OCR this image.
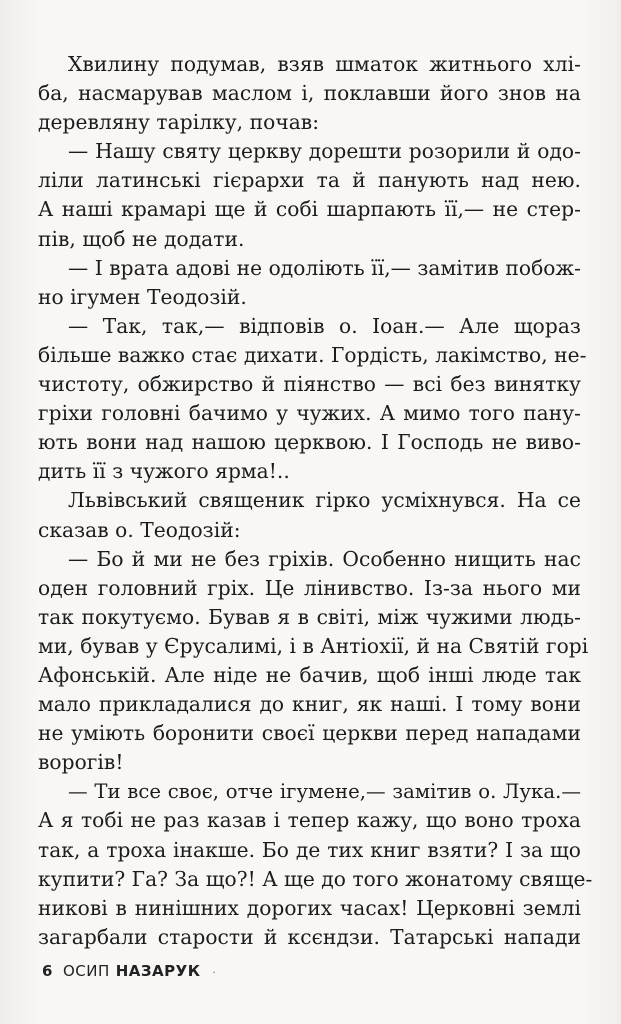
Хвилину подумав, взяв шматок житнього хлі-
ба, насмарував маслом і, поклавши його знов на
деревляну тарілку, почав:
— Нашу святу церкву дорешти розорили й одо-
ліли латинські гієрархи та й панують над нею.
А наші крамарі ще й собі шарпають її,— не стер-
пів, щоб не додати.
— І врата адові не одоліють її,— замітив побож-
но ігумен Теодозій.
— Так, так,— відповів о. Іоан.— Але щораз
більше важко стає дихати. Гордість, лакімство, не-
чистоту, обжирство й піянство — всі без винятку
гріхи головні бачимо у чужих. А мимо того пану-
ють вони над нашою церквою. І Господь не виво-
дить її з чужого ярма!..
Львівський священик гірко усміхнувся. На се
сказав о. Теодозій:
— Бо й ми не без гріхів. Особенно нищить нас
оден головний гріх. Це лінивство. Із-за нього ми
так покутуємо. Бував я в світі, між чужими людь-
ми, бував у Єрусалимі, і в Антіохії, й на Святій горі
Афонській. Але ніде не бачив, щоб інші люде так
мало прикладалися до книг, як наші. І тому вони
не уміють боронити своєї церкви перед нападами
ворогів!
— Ти все своє, отче ігумене,— замітив о. Лука.—
А я тобі не раз казав і тепер кажу, що воно троха
так, а троха інакше. Бо де тих книг взяти? І за що
купити? Га? За що?! А ще до того жонатому свяще-
никові в нинішних дорогих часах! Церковні землі
загарбали старости й ксєндзи. Татарські напади
6 ОСИП НАЗАРУК ·
